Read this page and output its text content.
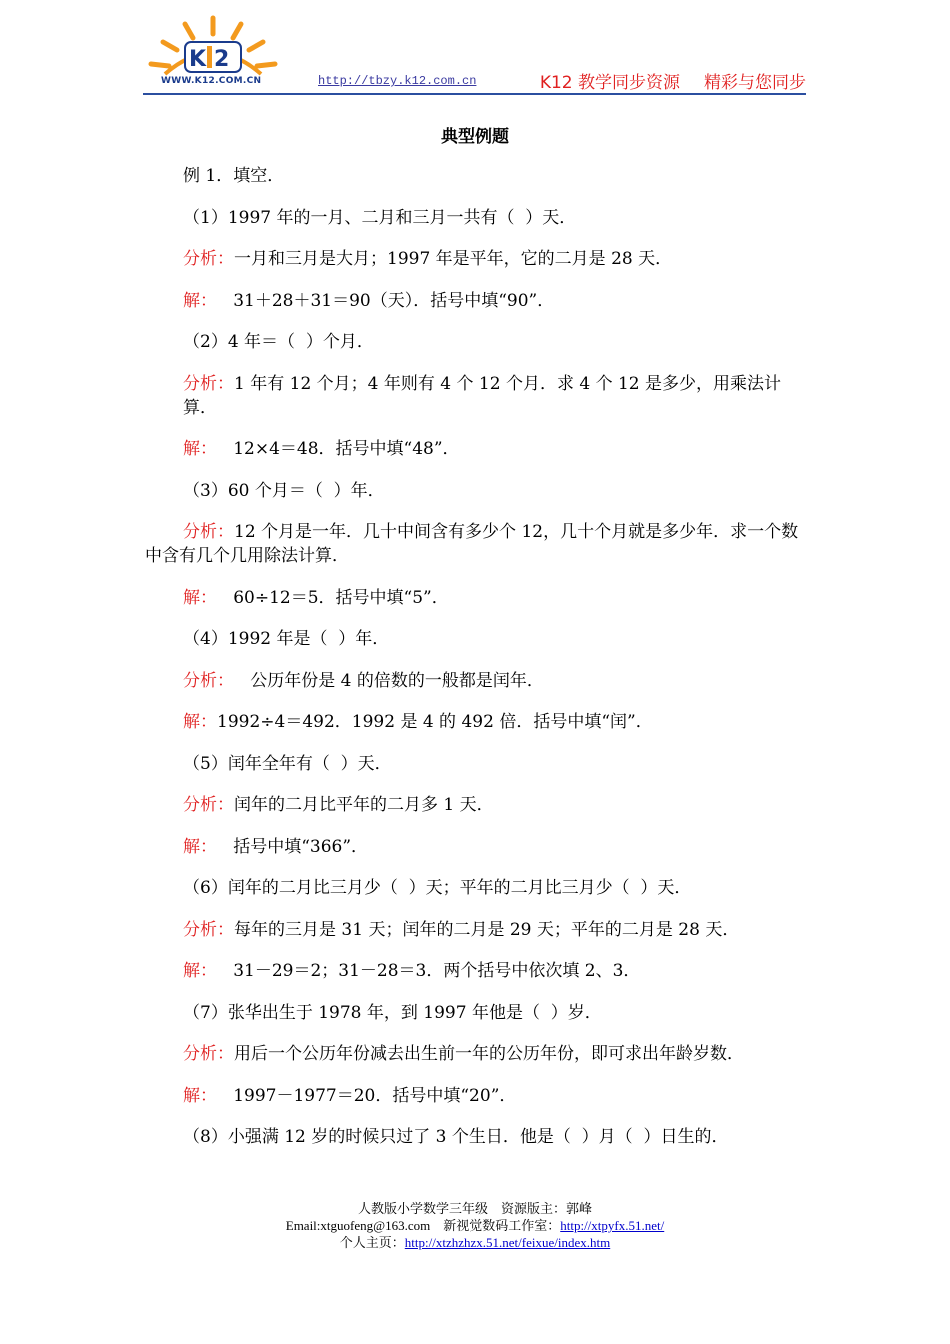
K 2
WWW.K12.COM.CN	http://tbzy.k12.com.cn	K12 教学同步资源 精彩与您同步
典型例题
例 1．填空．
（1）1997 年的一月、二月和三月一共有（  ）天．
分析：一月和三月是大月；1997 年是平年，它的二月是 28 天．
解：   31＋28＋31＝90（天）．括号中填“90”．
（2）4 年＝（  ）个月．
分析：1 年有 12 个月；4 年则有 4 个 12 个月．求 4 个 12 是多少，用乘法计算．
解：   12×4＝48．括号中填“48”．
（3）60 个月＝（  ）年．
分析：12 个月是一年．几十中间含有多少个 12，几十个月就是多少年．求一个数中含有几个几用除法计算．
解：   60÷12＝5．括号中填“5”．
（4）1992 年是（  ）年．
分析：   公历年份是 4 的倍数的一般都是闰年．
解：1992÷4＝492．1992 是 4 的 492 倍．括号中填“闰”．
（5）闰年全年有（  ）天．
分析：闰年的二月比平年的二月多 1 天．
解：   括号中填“366”．
（6）闰年的二月比三月少（  ）天；平年的二月比三月少（  ）天．
分析：每年的三月是 31 天；闰年的二月是 29 天；平年的二月是 28 天．
解：   31－29＝2；31－28＝3．两个括号中依次填 2、3．
（7）张华出生于 1978 年，到 1997 年他是（  ）岁．
分析：用后一个公历年份减去出生前一年的公历年份，即可求出年龄岁数．
解：   1997－1977＝20．括号中填“20”．
（8）小强满 12 岁的时候只过了 3 个生日．他是（  ）月（  ）日生的．
人教版小学数学三年级　资源版主：郭峰
Email:xtguofeng@163.com　新视觉数码工作室：http://xtpyfx.51.net/
个人主页：http://xtzhzhzx.51.net/feixue/index.htm
